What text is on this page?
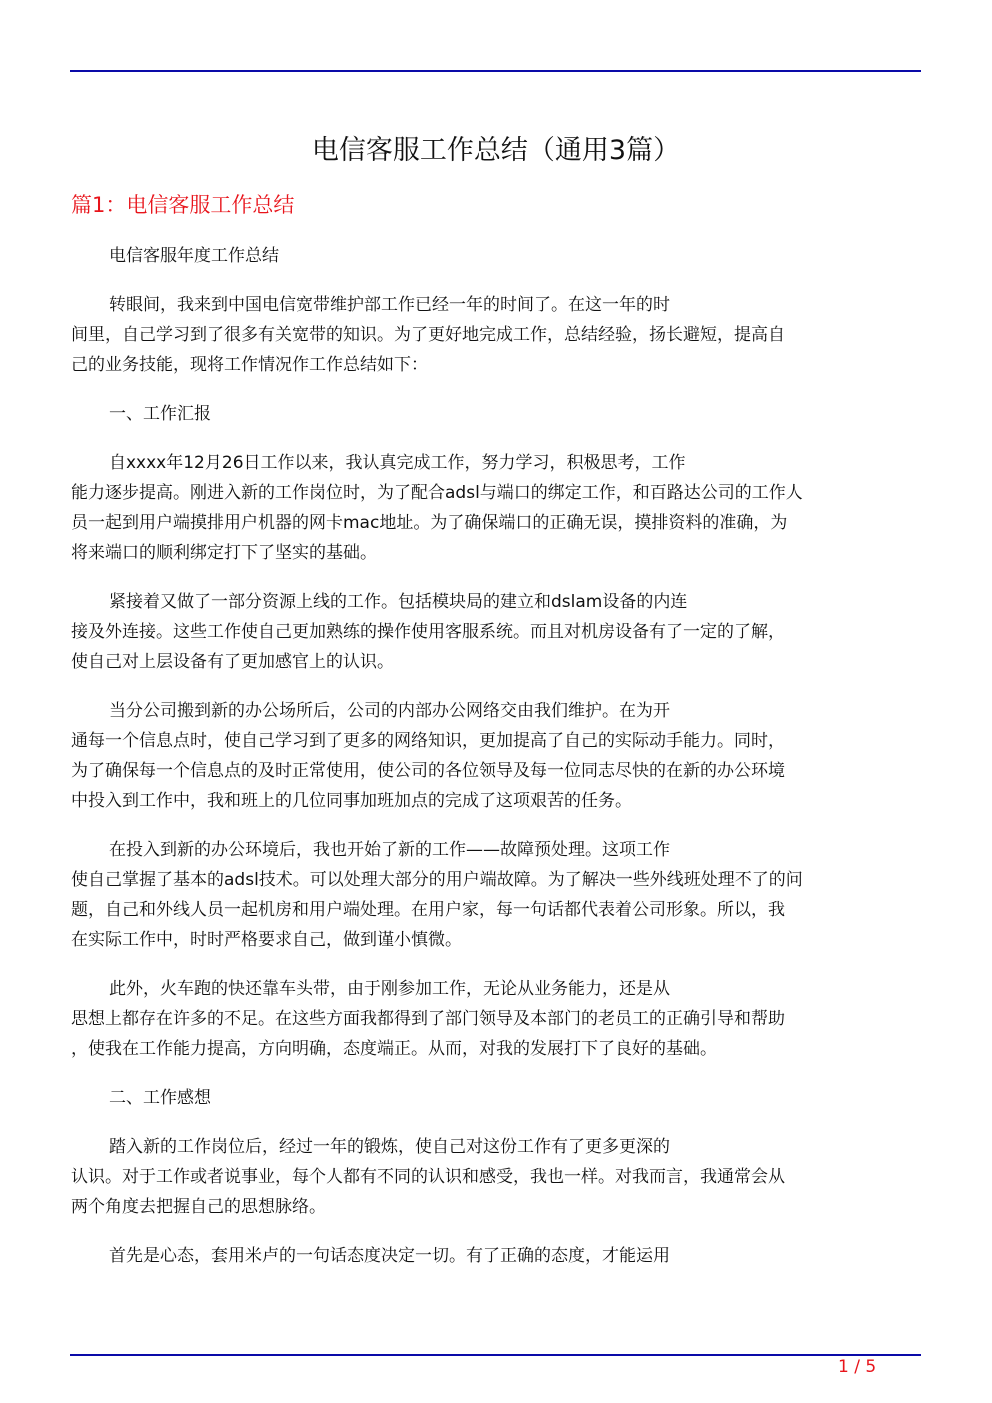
电信客服工作总结（通用3篇）
篇1：电信客服工作总结

电信客服年度工作总结

转眼间，我来到中国电信宽带维护部工作已经一年的时间了。在这一年的时
间里，自己学习到了很多有关宽带的知识。为了更好地完成工作，总结经验，扬长避短，提高自
己的业务技能，现将工作情况作工作总结如下：

一、工作汇报

自xxxx年12月26日工作以来，我认真完成工作，努力学习，积极思考，工作
能力逐步提高。刚进入新的工作岗位时，为了配合adsl与端口的绑定工作，和百路达公司的工作人
员一起到用户端摸排用户机器的网卡mac地址。为了确保端口的正确无误，摸排资料的准确，为
将来端口的顺利绑定打下了坚实的基础。

紧接着又做了一部分资源上线的工作。包括模块局的建立和dslam设备的内连
接及外连接。这些工作使自己更加熟练的操作使用客服系统。而且对机房设备有了一定的了解，
使自己对上层设备有了更加感官上的认识。

当分公司搬到新的办公场所后，公司的内部办公网络交由我们维护。在为开
通每一个信息点时，使自己学习到了更多的网络知识，更加提高了自己的实际动手能力。同时，
为了确保每一个信息点的及时正常使用，使公司的各位领导及每一位同志尽快的在新的办公环境
中投入到工作中，我和班上的几位同事加班加点的完成了这项艰苦的任务。

在投入到新的办公环境后，我也开始了新的工作——故障预处理。这项工作
使自己掌握了基本的adsl技术。可以处理大部分的用户端故障。为了解决一些外线班处理不了的问
题，自己和外线人员一起机房和用户端处理。在用户家，每一句话都代表着公司形象。所以，我
在实际工作中，时时严格要求自己，做到谨小慎微。

此外，火车跑的快还靠车头带，由于刚参加工作，无论从业务能力，还是从
思想上都存在许多的不足。在这些方面我都得到了部门领导及本部门的老员工的正确引导和帮助
，使我在工作能力提高，方向明确，态度端正。从而，对我的发展打下了良好的基础。

二、工作感想

踏入新的工作岗位后，经过一年的锻炼，使自己对这份工作有了更多更深的
认识。对于工作或者说事业，每个人都有不同的认识和感受，我也一样。对我而言，我通常会从
两个角度去把握自己的思想脉络。

首先是心态，套用米卢的一句话态度决定一切。有了正确的态度，才能运用

1 / 5
